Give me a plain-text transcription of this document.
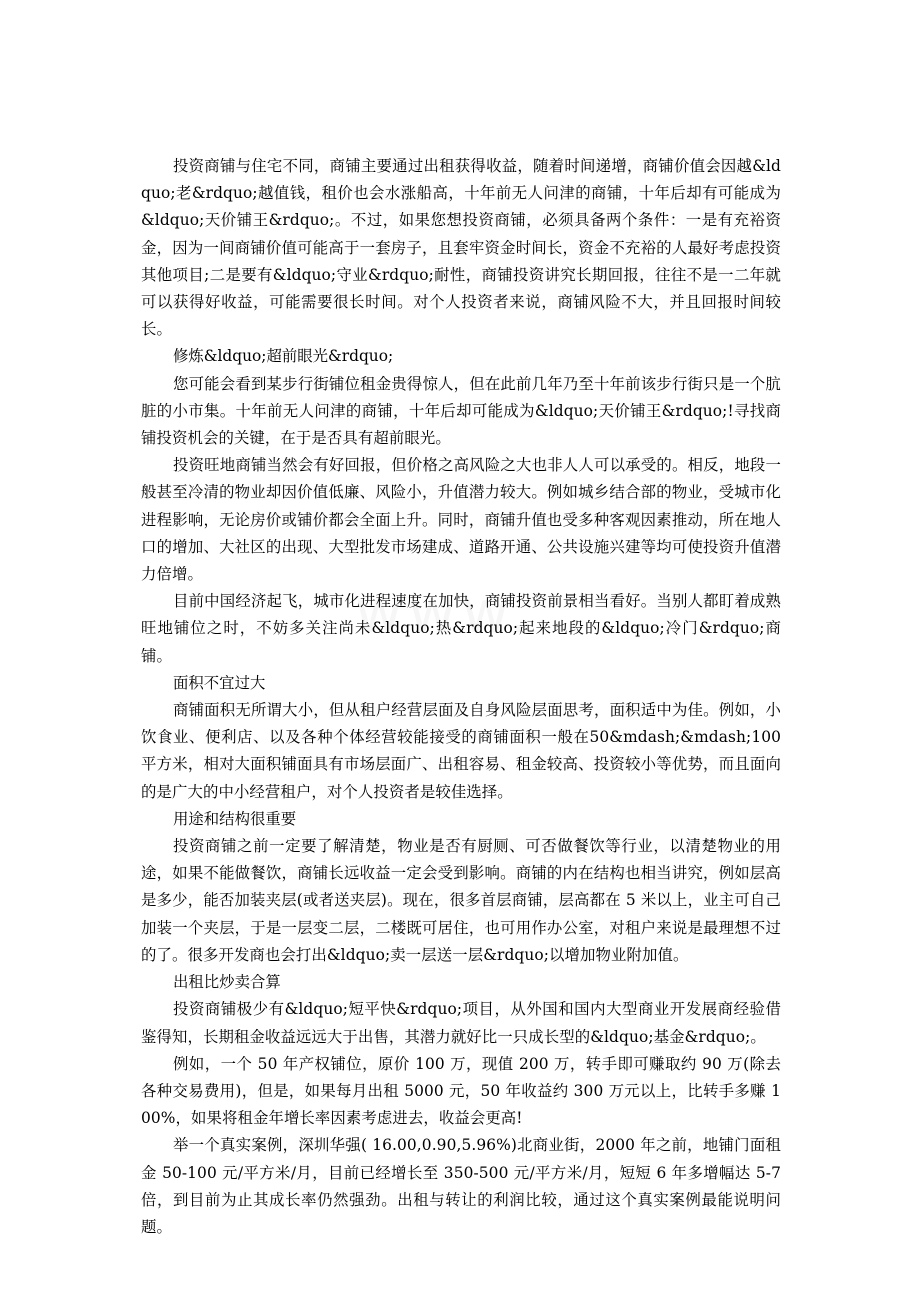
投资商铺与住宅不同，商铺主要通过出租获得收益，随着时间递增，商铺价值会因越&ldquo;老&rdquo;越值钱，租价也会水涨船高，十年前无人问津的商铺，十年后却有可能成为&ldquo;天价铺王&rdquo;。不过，如果您想投资商铺，必须具备两个条件：一是有充裕资金，因为一间商铺价值可能高于一套房子，且套牢资金时间长，资金不充裕的人最好考虑投资其他项目;二是要有&ldquo;守业&rdquo;耐性，商铺投资讲究长期回报，往往不是一二年就可以获得好收益，可能需要很长时间。对个人投资者来说，商铺风险不大，并且回报时间较长。

修炼&ldquo;超前眼光&rdquo;

您可能会看到某步行街铺位租金贵得惊人，但在此前几年乃至十年前该步行街只是一个肮脏的小市集。十年前无人问津的商铺，十年后却可能成为&ldquo;天价铺王&rdquo;!寻找商铺投资机会的关键，在于是否具有超前眼光。

投资旺地商铺当然会有好回报，但价格之高风险之大也非人人可以承受的。相反，地段一般甚至冷清的物业却因价值低廉、风险小，升值潜力较大。例如城乡结合部的物业，受城市化进程影响，无论房价或铺价都会全面上升。同时，商铺升值也受多种客观因素推动，所在地人口的增加、大社区的出现、大型批发市场建成、道路开通、公共设施兴建等均可使投资升值潜力倍增。

目前中国经济起飞，城市化进程速度在加快，商铺投资前景相当看好。当别人都盯着成熟旺地铺位之时，不妨多关注尚未&ldquo;热&rdquo;起来地段的&ldquo;冷门&rdquo;商铺。

面积不宜过大

商铺面积无所谓大小，但从租户经营层面及自身风险层面思考，面积适中为佳。例如，小饮食业、便利店、以及各种个体经营较能接受的商铺面积一般在50&mdash;&mdash;100平方米，相对大面积铺面具有市场层面广、出租容易、租金较高、投资较小等优势，而且面向的是广大的中小经营租户，对个人投资者是较佳选择。

用途和结构很重要

投资商铺之前一定要了解清楚，物业是否有厨厕、可否做餐饮等行业，以清楚物业的用途，如果不能做餐饮，商铺长远收益一定会受到影响。商铺的内在结构也相当讲究，例如层高是多少，能否加装夹层(或者送夹层)。现在，很多首层商铺，层高都在 5 米以上，业主可自己加装一个夹层，于是一层变二层，二楼既可居住，也可用作办公室，对租户来说是最理想不过的了。很多开发商也会打出&ldquo;卖一层送一层&rdquo;以增加物业附加值。

出租比炒卖合算

投资商铺极少有&ldquo;短平快&rdquo;项目，从外国和国内大型商业开发展商经验借鉴得知，长期租金收益远远大于出售，其潜力就好比一只成长型的&ldquo;基金&rdquo;。

例如，一个 50 年产权铺位，原价 100 万，现值 200 万，转手即可赚取约 90 万(除去各种交易费用)，但是，如果每月出租 5000 元，50 年收益约 300 万元以上，比转手多赚 100%，如果将租金年增长率因素考虑进去，收益会更高!

举一个真实案例，深圳华强( 16.00,0.90,5.96%)北商业街，2000 年之前，地铺门面租金 50-100 元/平方米/月，目前已经增长至 350-500 元/平方米/月，短短 6 年多增幅达 5-7 倍，到目前为止其成长率仍然强劲。出租与转让的利润比较，通过这个真实案例最能说明问题。
